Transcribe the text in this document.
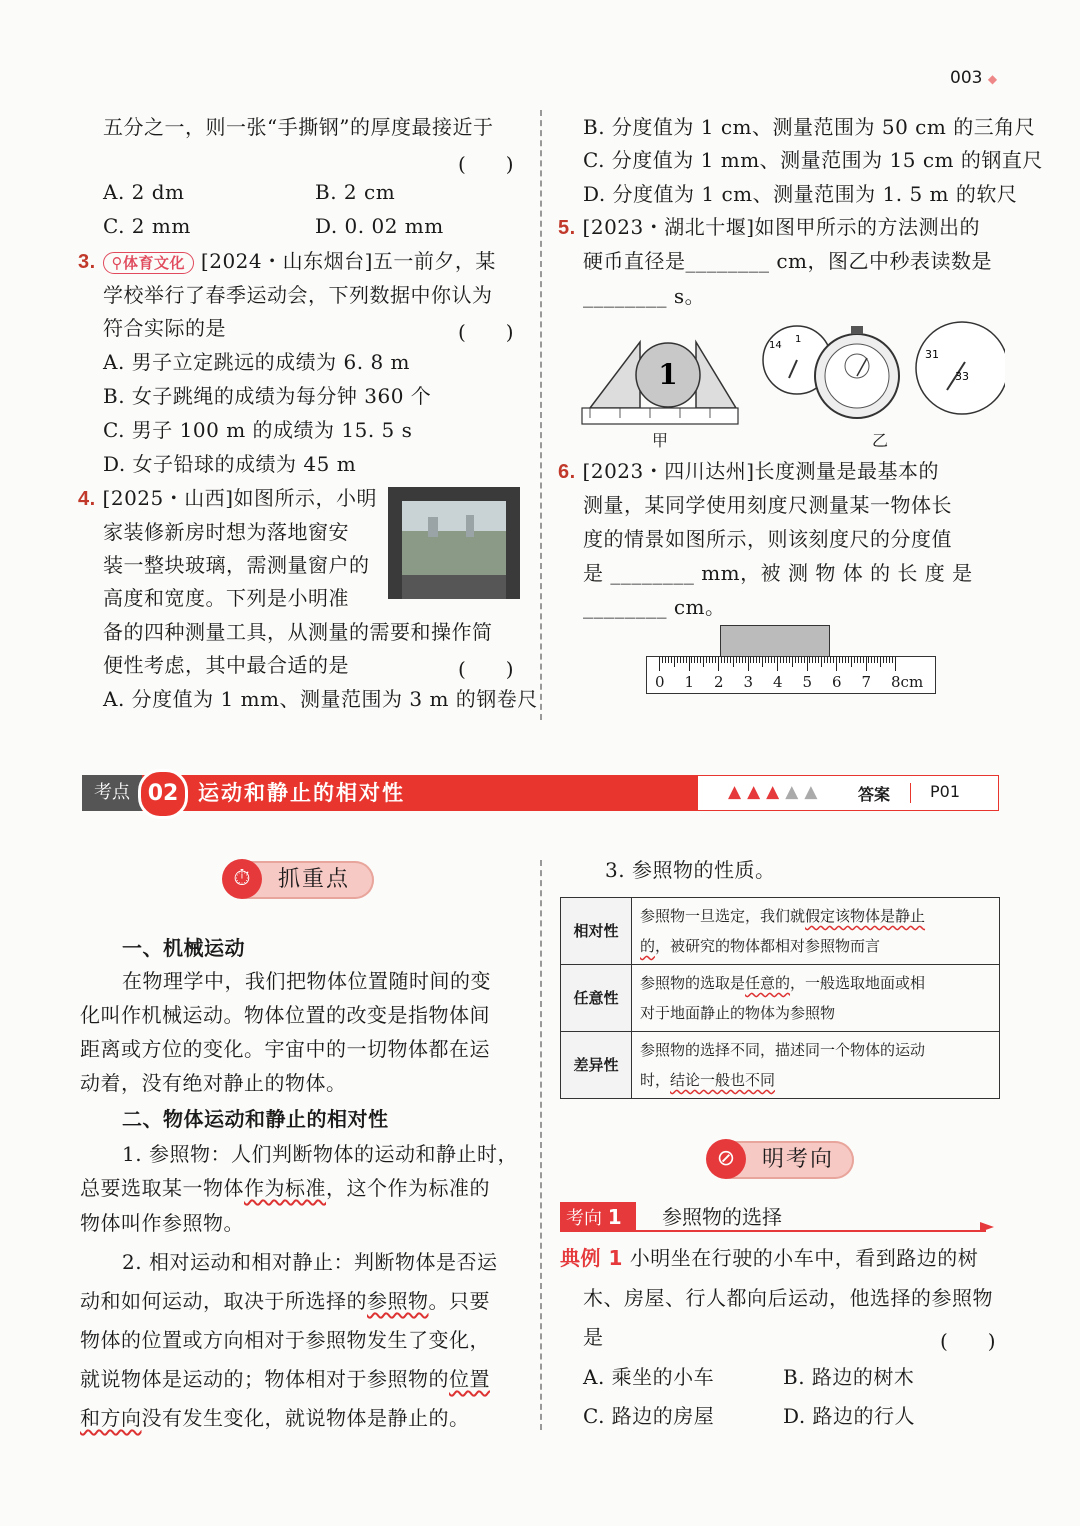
003 ◆
五分之一，则一张“手撕钢”的厚度最接近于
(　　)
A. 2 dm	B. 2 cm
C. 2 mm	D. 0. 02 mm
3. ⚲体育文化 [2024・山东烟台]五一前夕，某
学校举行了春季运动会，下列数据中你认为
符合实际的是	(　　)
A. 男子立定跳远的成绩为 6. 8 m
B. 女子跳绳的成绩为每分钟 360 个
C. 男子 100 m 的成绩为 15. 5 s
D. 女子铅球的成绩为 45 m
4. [2025・山西]如图所示，小明
家装修新房时想为落地窗安
装一整块玻璃，需测量窗户的
高度和宽度。下列是小明准
备的四种测量工具，从测量的需要和操作简
便性考虑，其中最合适的是	(　　)
A. 分度值为 1 mm、测量范围为 3 m 的钢卷尺
B. 分度值为 1 cm、测量范围为 50 cm 的三角尺
C. 分度值为 1 mm、测量范围为 15 cm 的钢直尺
D. 分度值为 1 cm、测量范围为 1. 5 m 的软尺
5. [2023・湖北十堰]如图甲所示的方法测出的
硬币直径是________ cm，图乙中秒表读数是
________ s。
1
甲
14
1
31
33
乙
6. [2023・四川达州]长度测量是最基本的
测量，某同学使用刻度尺测量某一物体长
度的情景如图所示，则该刻度尺的分度值
是 ________ mm，被 测 物 体 的 长 度 是
________ cm。
0 1 2 3 4 5 6 7 8cm
考点 02 运动和静止的相对性	▲ ▲ ▲ ▲ ▲	答案 P01
⏱	抓重点
一、机械运动
在物理学中，我们把物体位置随时间的变
化叫作机械运动。物体位置的改变是指物体间
距离或方位的变化。宇宙中的一切物体都在运
动着，没有绝对静止的物体。
二、物体运动和静止的相对性
1. 参照物：人们判断物体的运动和静止时，
总要选取某一物体作为标准，这个作为标准的
物体叫作参照物。
2. 相对运动和相对静止：判断物体是否运
动和如何运动，取决于所选择的参照物。只要
物体的位置或方向相对于参照物发生了变化，
就说物体是运动的；物体相对于参照物的位置
和方向没有发生变化，就说物体是静止的。
3. 参照物的性质。
相对性	参照物一旦选定，我们就假定该物体是静止
的，被研究的物体都相对参照物而言
任意性	参照物的选取是任意的，一般选取地面或相
对于地面静止的物体为参照物
差异性	参照物的选择不同，描述同一个物体的运动
时，结论一般也不同
⊘	明考向
考向 1	参照物的选择
典例 1 小明坐在行驶的小车中，看到路边的树
木、房屋、行人都向后运动，他选择的参照物
是	(　　)
A. 乘坐的小车	B. 路边的树木
C. 路边的房屋	D. 路边的行人
